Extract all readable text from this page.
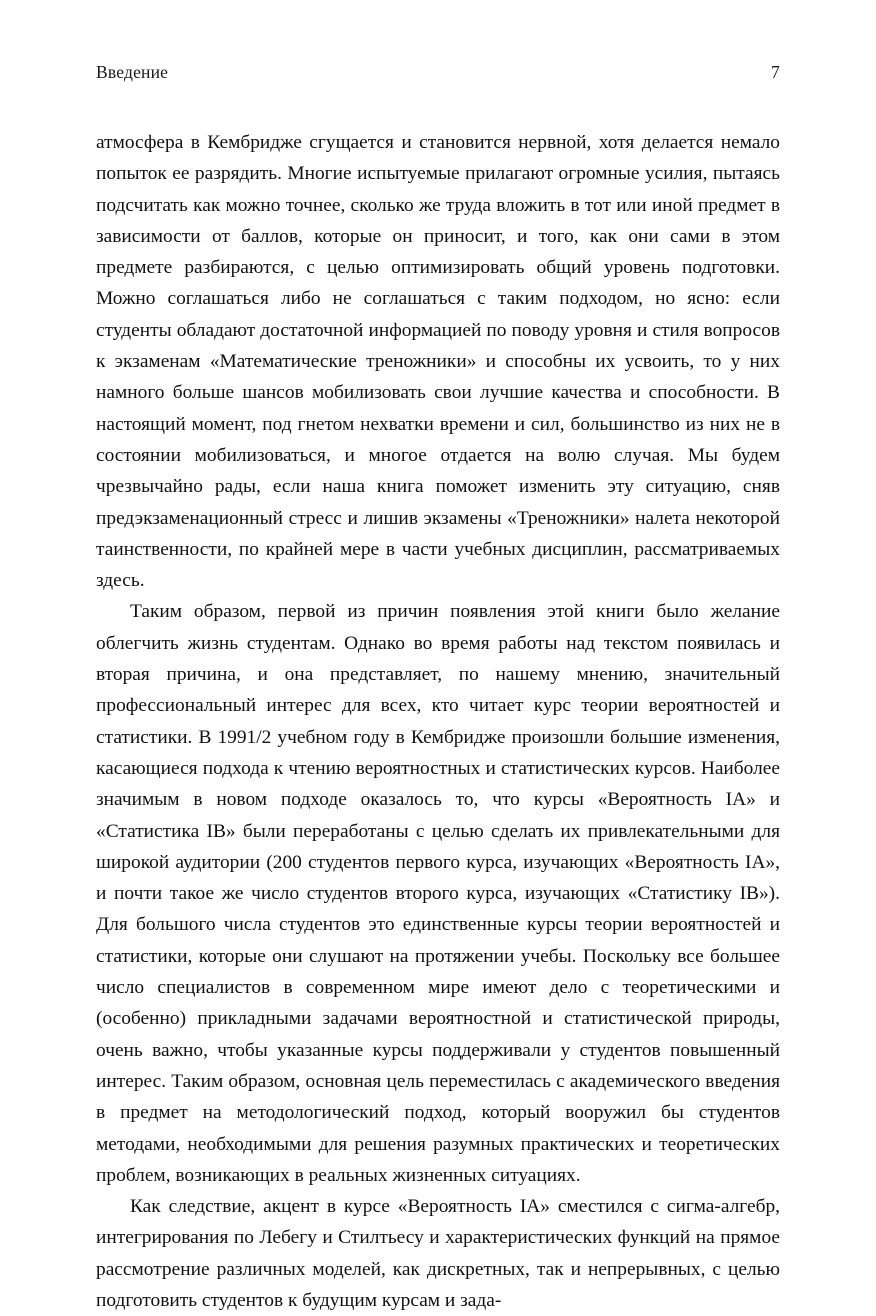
Введение	7

атмосфера в Кембридже сгущается и становится нервной, хотя делается немало попыток ее разрядить. Многие испытуемые прилагают огромные усилия, пытаясь подсчитать как можно точнее, сколько же труда вложить в тот или иной предмет в зависимости от баллов, которые он приносит, и того, как они сами в этом предмете разбираются, с целью оптимизировать общий уровень подготовки. Можно соглашаться либо не соглашаться с таким подходом, но ясно: если студенты обладают достаточной информацией по поводу уровня и стиля вопросов к экзаменам «Математические треножники» и способны их усвоить, то у них намного больше шансов мобилизовать свои лучшие качества и способности. В настоящий момент, под гнетом нехватки времени и сил, большинство из них не в состоянии мобилизоваться, и многое отдается на волю случая. Мы будем чрезвычайно рады, если наша книга поможет изменить эту ситуацию, сняв предэкзаменационный стресс и лишив экзамены «Треножники» налета некоторой таинственности, по крайней мере в части учебных дисциплин, рассматриваемых здесь.

Таким образом, первой из причин появления этой книги было желание облегчить жизнь студентам. Однако во время работы над текстом появилась и вторая причина, и она представляет, по нашему мнению, значительный профессиональный интерес для всех, кто читает курс теории вероятностей и статистики. В 1991/2 учебном году в Кембридже произошли большие изменения, касающиеся подхода к чтению вероятностных и статистических курсов. Наиболее значимым в новом подходе оказалось то, что курсы «Вероятность IA» и «Статистика IB» были переработаны с целью сделать их привлекательными для широкой аудитории (200 студентов первого курса, изучающих «Вероятность IA», и почти такое же число студентов второго курса, изучающих «Статистику IB»). Для большого числа студентов это единственные курсы теории вероятностей и статистики, которые они слушают на протяжении учебы. Поскольку все большее число специалистов в современном мире имеют дело с теоретическими и (особенно) прикладными задачами вероятностной и статистической природы, очень важно, чтобы указанные курсы поддерживали у студентов повышенный интерес. Таким образом, основная цель переместилась с академического введения в предмет на методологический подход, который вооружил бы студентов методами, необходимыми для решения разумных практических и теоретических проблем, возникающих в реальных жизненных ситуациях.

Как следствие, акцент в курсе «Вероятность IA» сместился с сигма-алгебр, интегрирования по Лебегу и Стилтьесу и характеристических функций на прямое рассмотрение различных моделей, как дискретных, так и непрерывных, с целью подготовить студентов к будущим курсам и зада-
